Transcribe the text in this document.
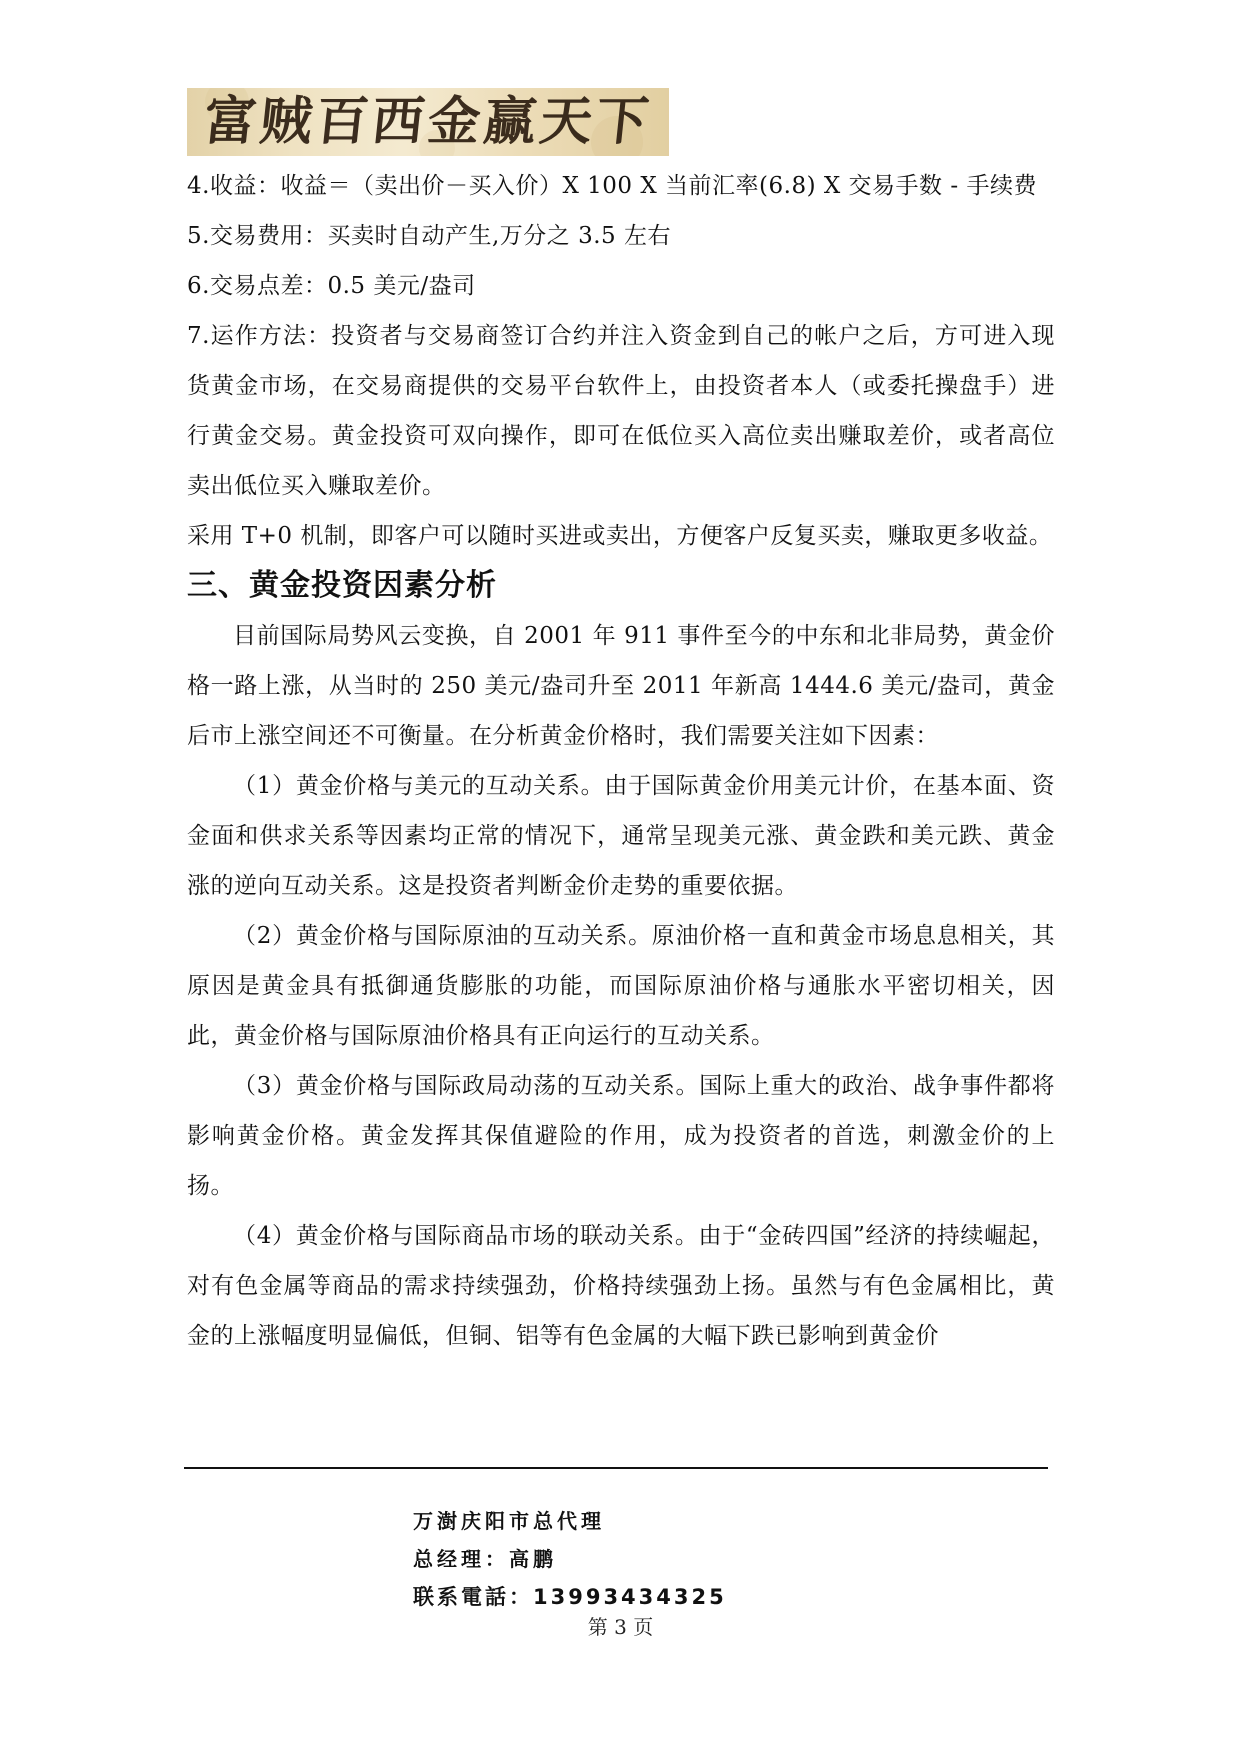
富贼百西金赢天下

4.收益：收益＝（卖出价－买入价）X 100 X 当前汇率(6.8) X 交易手数 - 手续费

5.交易费用：买卖时自动产生,万分之 3.5 左右

6.交易点差：0.5 美元/盎司

7.运作方法：投资者与交易商签订合约并注入资金到自己的帐户之后，方可进入现货黄金市场，在交易商提供的交易平台软件上，由投资者本人（或委托操盘手）进行黄金交易。黄金投资可双向操作，即可在低位买入高位卖出赚取差价，或者高位卖出低位买入赚取差价。

采用 T+0 机制，即客户可以随时买进或卖出，方便客户反复买卖，赚取更多收益。

三、黄金投资因素分析

目前国际局势风云变换，自 2001 年 911 事件至今的中东和北非局势，黄金价格一路上涨，从当时的 250 美元/盎司升至 2011 年新高 1444.6 美元/盎司，黄金后市上涨空间还不可衡量。在分析黄金价格时，我们需要关注如下因素：

（1）黄金价格与美元的互动关系。由于国际黄金价用美元计价，在基本面、资金面和供求关系等因素均正常的情况下，通常呈现美元涨、黄金跌和美元跌、黄金涨的逆向互动关系。这是投资者判断金价走势的重要依据。

（2）黄金价格与国际原油的互动关系。原油价格一直和黄金市场息息相关，其原因是黄金具有抵御通货膨胀的功能，而国际原油价格与通胀水平密切相关，因此，黄金价格与国际原油价格具有正向运行的互动关系。

（3）黄金价格与国际政局动荡的互动关系。国际上重大的政治、战争事件都将影响黄金价格。黄金发挥其保值避险的作用，成为投资者的首选，刺激金价的上扬。

（4）黄金价格与国际商品市场的联动关系。由于“金砖四国”经济的持续崛起，对有色金属等商品的需求持续强劲，价格持续强劲上扬。虽然与有色金属相比，黄金的上涨幅度明显偏低，但铜、铝等有色金属的大幅下跌已影响到黄金价

万澍庆阳市总代理
总经理：高鹏
联系電話：13993434325
第 3 页
